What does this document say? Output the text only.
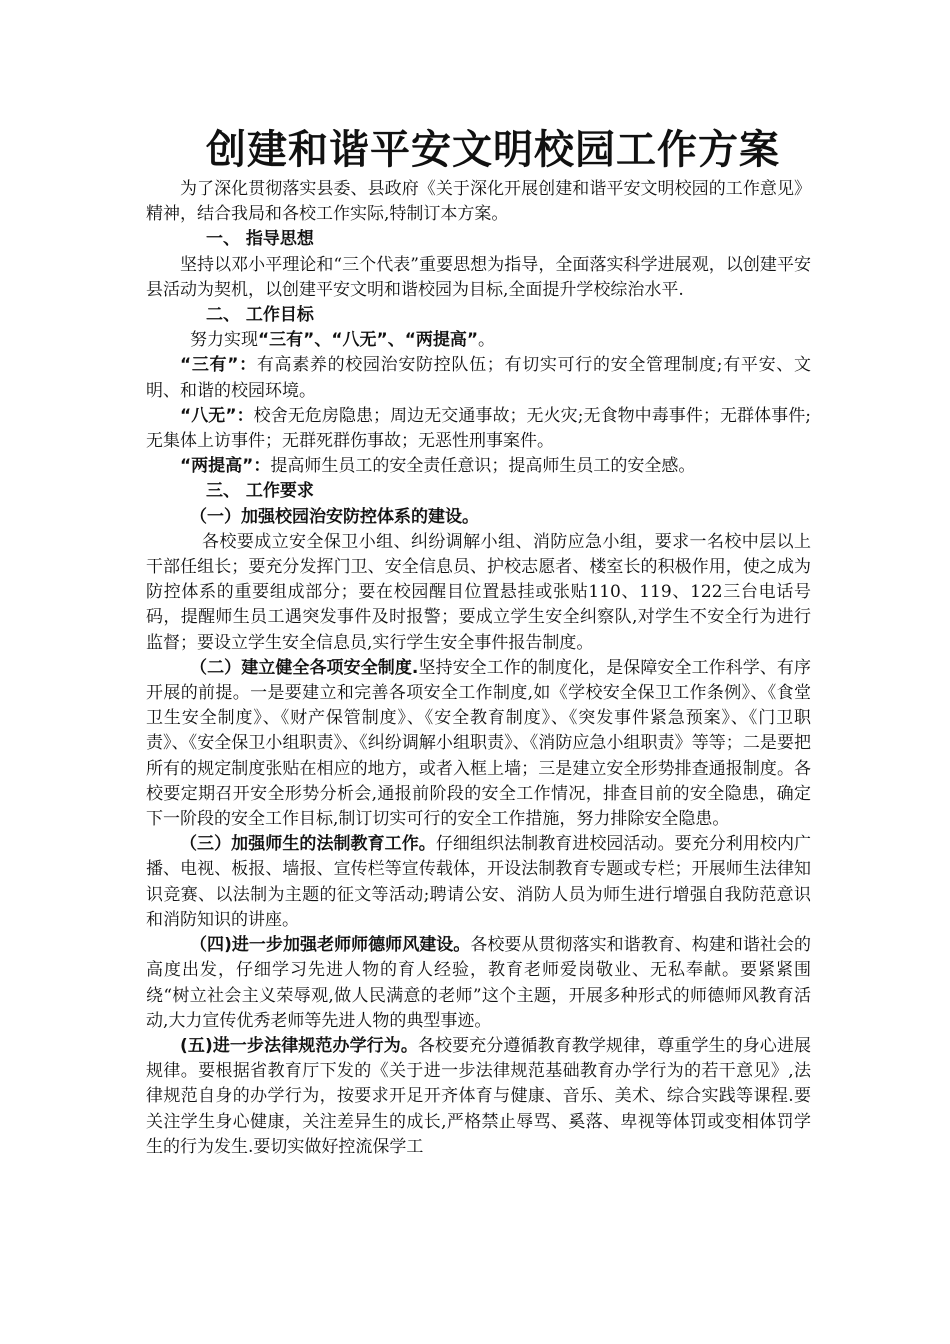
创建和谐平安文明校园工作方案

为了深化贯彻落实县委、县政府《关于深化开展创建和谐平安文明校园的工作意见》精神，结合我局和各校工作实际,特制订本方案。

一、 指导思想

坚持以邓小平理论和“三个代表”重要思想为指导，全面落实科学进展观，以创建平安县活动为契机，以创建平安文明和谐校园为目标,全面提升学校综治水平.

二、 工作目标

努力实现“三有”、“八无”、“两提高”。

“三有”：有高素养的校园治安防控队伍；有切实可行的安全管理制度;有平安、文明、和谐的校园环境。

“八无”：校舍无危房隐患；周边无交通事故；无火灾;无食物中毒事件；无群体事件;无集体上访事件；无群死群伤事故；无恶性刑事案件。

“两提高”：提高师生员工的安全责任意识；提高师生员工的安全感。

三、 工作要求

（一）加强校园治安防控体系的建设。

各校要成立安全保卫小组、纠纷调解小组、消防应急小组，要求一名校中层以上干部任组长；要充分发挥门卫、安全信息员、护校志愿者、楼室长的积极作用，使之成为防控体系的重要组成部分；要在校园醒目位置悬挂或张贴110、119、122三台电话号码，提醒师生员工遇突发事件及时报警；要成立学生安全纠察队,对学生不安全行为进行监督；要设立学生安全信息员,实行学生安全事件报告制度。

（二）建立健全各项安全制度.坚持安全工作的制度化，是保障安全工作科学、有序开展的前提。一是要建立和完善各项安全工作制度,如《学校安全保卫工作条例》、《食堂卫生安全制度》、《财产保管制度》、《安全教育制度》、《突发事件紧急预案》、《门卫职责》、《安全保卫小组职责》、《纠纷调解小组职责》、《消防应急小组职责》等等；二是要把所有的规定制度张贴在相应的地方，或者入框上墙；三是建立安全形势排查通报制度。各校要定期召开安全形势分析会,通报前阶段的安全工作情况，排查目前的安全隐患，确定下一阶段的安全工作目标,制订切实可行的安全工作措施，努力排除安全隐患。

（三）加强师生的法制教育工作。仔细组织法制教育进校园活动。要充分利用校内广播、电视、板报、墙报、宣传栏等宣传载体，开设法制教育专题或专栏；开展师生法律知识竞赛、以法制为主题的征文等活动;聘请公安、消防人员为师生进行增强自我防范意识和消防知识的讲座。

（四)进一步加强老师师德师风建设。各校要从贯彻落实和谐教育、构建和谐社会的高度出发，仔细学习先进人物的育人经验，教育老师爱岗敬业、无私奉献。要紧紧围绕“树立社会主义荣辱观,做人民满意的老师”这个主题，开展多种形式的师德师风教育活动,大力宣传优秀老师等先进人物的典型事迹。

(五)进一步法律规范办学行为。各校要充分遵循教育教学规律，尊重学生的身心进展规律。要根据省教育厅下发的《关于进一步法律规范基础教育办学行为的若干意见》,法律规范自身的办学行为，按要求开足开齐体育与健康、音乐、美术、综合实践等课程.要关注学生身心健康，关注差异生的成长,严格禁止辱骂、奚落、卑视等体罚或变相体罚学生的行为发生.要切实做好控流保学工
